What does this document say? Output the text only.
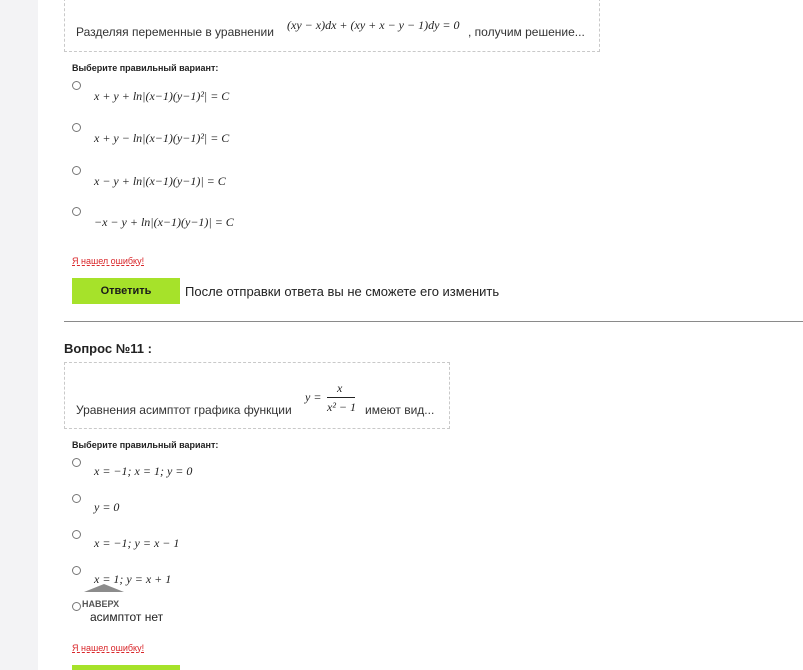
Разделяя переменные в уравнении (xy − x)dx + (xy + x − y − 1)dy = 0 , получим решение...
Выберите правильный вариант:
x + y + ln|(x−1)(y−1)²| = C
x + y − ln|(x−1)(y−1)²| = C
x − y + ln|(x−1)(y−1)| = C
−x − y + ln|(x−1)(y−1)| = C
Я нашел ошибку!
Ответить	После отправки ответа вы не сможете его изменить
Вопрос №11 :
Уравнения асимптот графика функции
y =
x
x² − 1 имеют вид...
Выберите правильный вариант:
x = −1; x = 1; y = 0
y = 0
x = −1; y = x − 1
x = 1; y = x + 1
асимптот нет
НАВЕРХ
Я нашел ошибку!
